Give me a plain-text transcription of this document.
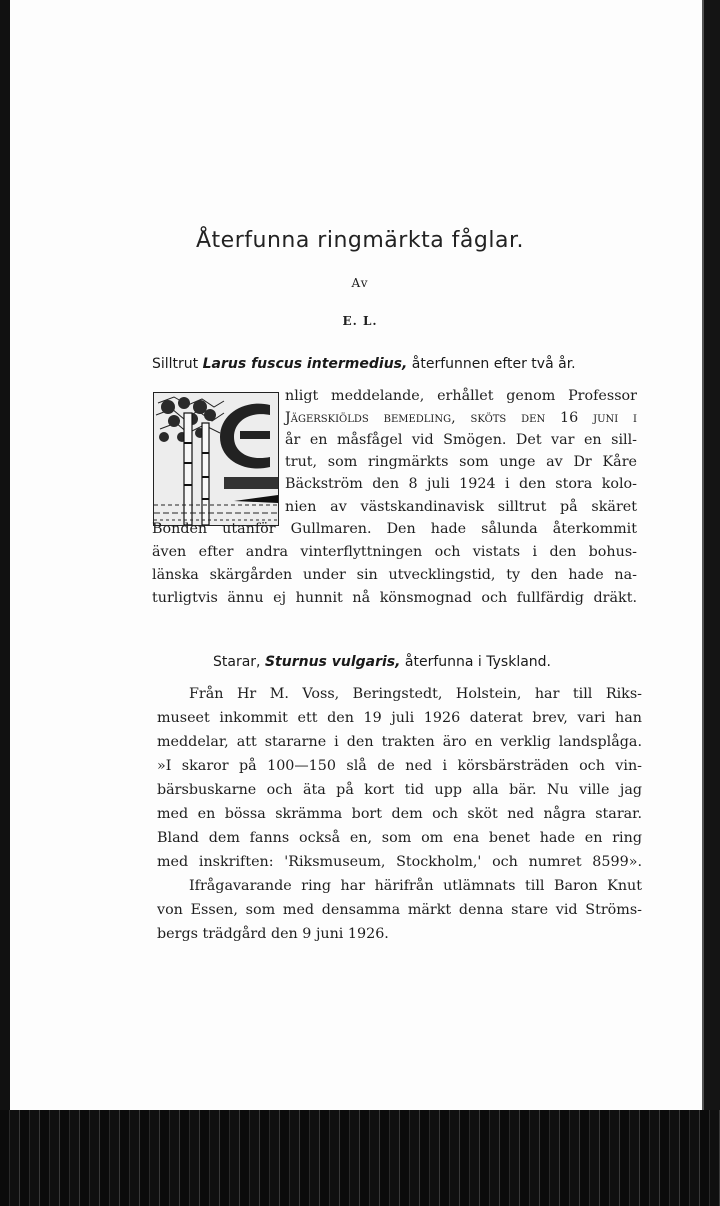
Återfunna ringmärkta fåglar.
Av
E. L.
Silltrut Larus fuscus intermedius, återfunnen efter två år.
nligt meddelande, erhållet genom Professor
Jägerskiölds bemedling, sköts den 16 juni i
år en måsfågel vid Smögen. Det var en sill-
trut, som ringmärkts som unge av Dr Kåre
Bäckström den 8 juli 1924 i den stora kolo-
nien av västskandinavisk silltrut på skäret
Bonden utanför Gullmaren. Den hade sålunda återkommit
även efter andra vinterflyttningen och vistats i den bohus-
länska skärgården under sin utvecklingstid, ty den hade na-
turligtvis ännu ej hunnit nå könsmognad och fullfärdig dräkt.
Starar, Sturnus vulgaris, återfunna i Tyskland.
Från Hr M. Voss, Beringstedt, Holstein, har till Riks-
museet inkommit ett den 19 juli 1926 daterat brev, vari han
meddelar, att stararne i den trakten äro en verklig landsplåga.
»I skaror på 100—150 slå de ned i körsbärsträden och vin-
bärsbuskarne och äta på kort tid upp alla bär. Nu ville jag
med en bössa skrämma bort dem och sköt ned några starar.
Bland dem fanns också en, som om ena benet hade en ring
med inskriften: 'Riksmuseum, Stockholm,' och numret 8599».
Ifrågavarande ring har härifrån utlämnats till Baron Knut
von Essen, som med densamma märkt denna stare vid Ströms-
bergs trädgård den 9 juni 1926.
